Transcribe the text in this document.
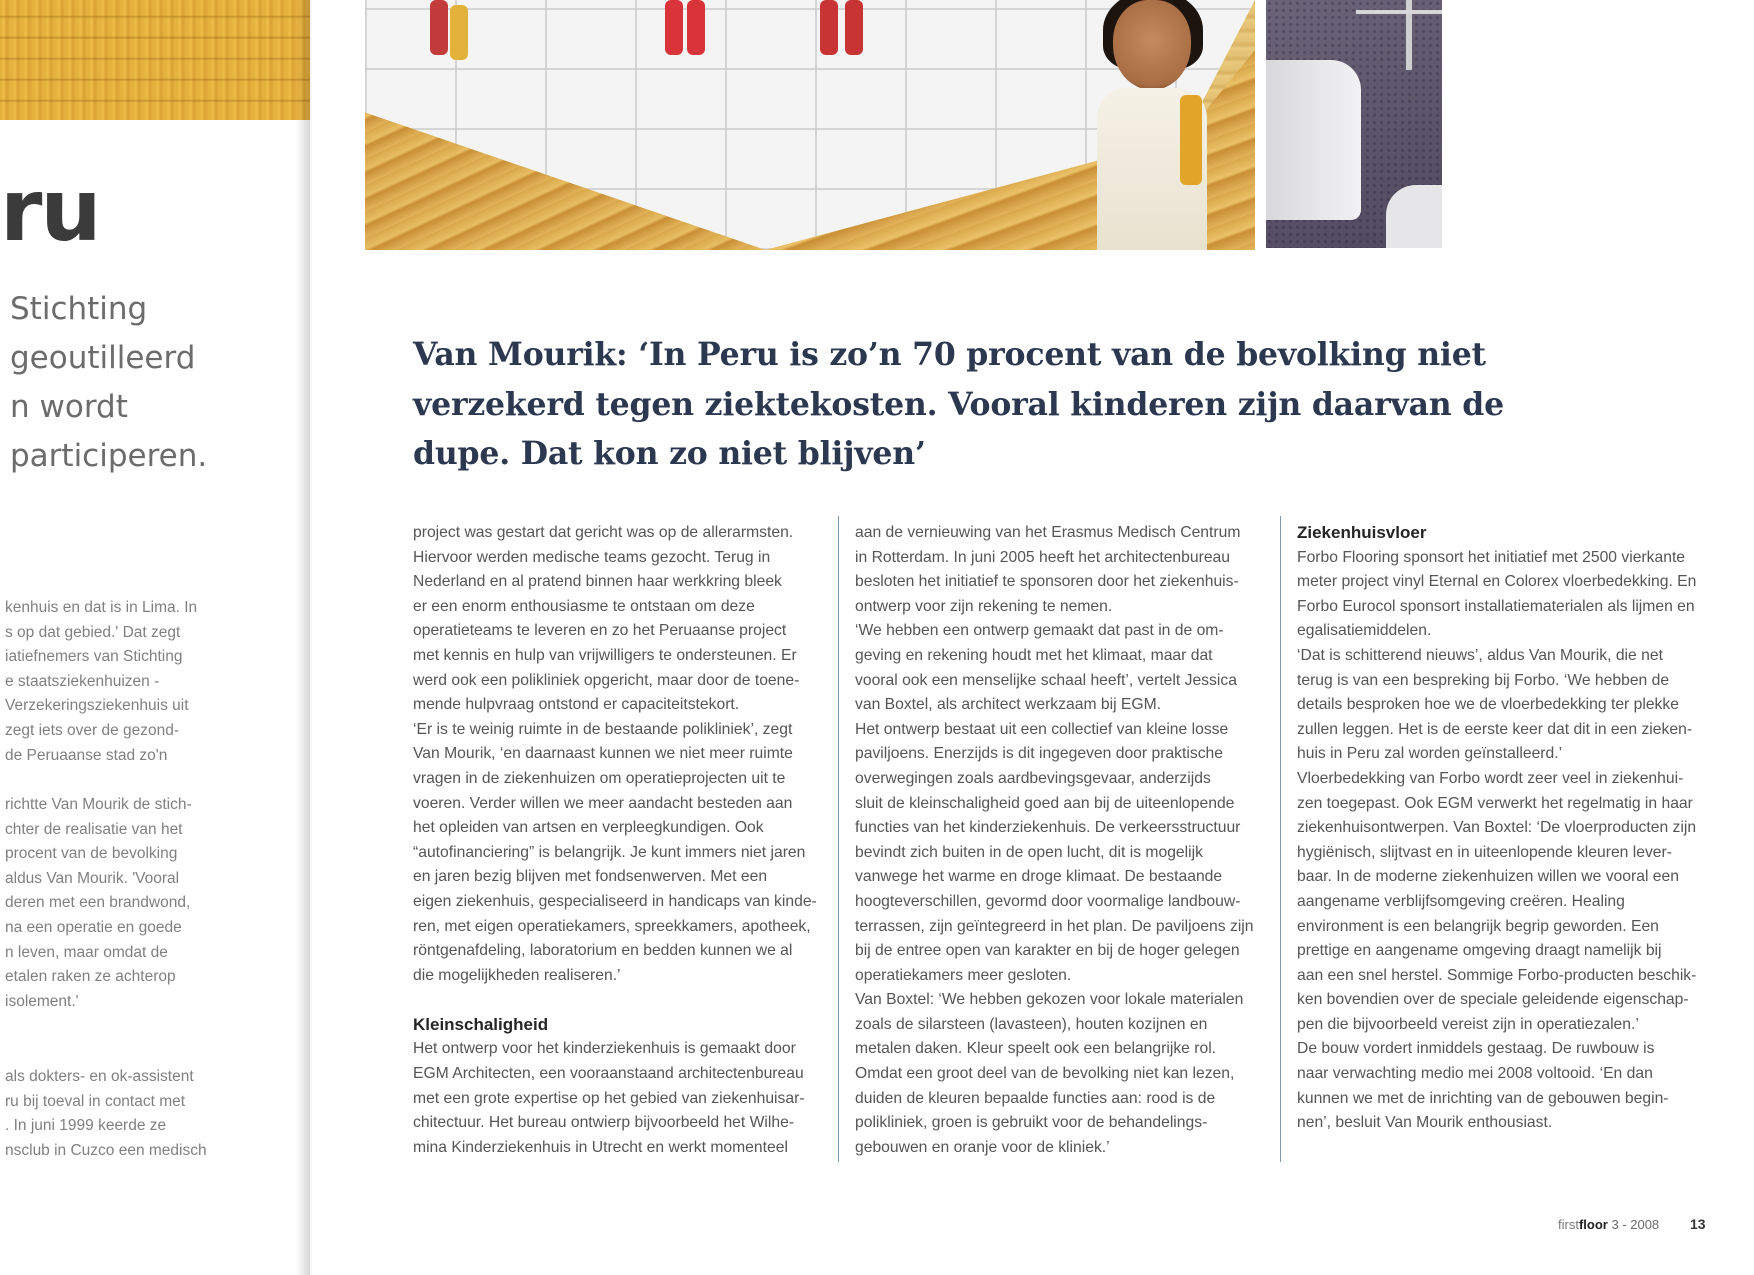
ru
Stichting
geoutilleerd
n wordt
participeren.
kenhuis en dat is in Lima. In
s op dat gebied.' Dat zegt
iatiefnemers van Stichting
e staatsziekenhuizen -
Verzekeringsziekenhuis uit
zegt iets over de gezond-
de Peruaanse stad zo'n
richtte Van Mourik de stich-
chter de realisatie van het
procent van de bevolking
aldus Van Mourik. 'Vooral
deren met een brandwond,
na een operatie en goede
n leven, maar omdat de
etalen raken ze achterop
isolement.'
als dokters- en ok-assistent
ru bij toeval in contact met
. In juni 1999 keerde ze
nsclub in Cuzco een medisch
Van Mourik: ‘In Peru is zo’n 70 procent van de bevolking niet
verzekerd tegen ziektekosten. Vooral kinderen zijn daarvan de
dupe. Dat kon zo niet blijven’
project was gestart dat gericht was op de allerarmsten.
Hiervoor werden medische teams gezocht. Terug in
Nederland en al pratend binnen haar werkkring bleek
er een enorm enthousiasme te ontstaan om deze
operatieteams te leveren en zo het Peruaanse project
met kennis en hulp van vrijwilligers te ondersteunen. Er
werd ook een polikliniek opgericht, maar door de toene-
mende hulpvraag ontstond er capaciteitstekort.
‘Er is te weinig ruimte in de bestaande polikliniek’, zegt
Van Mourik, ‘en daarnaast kunnen we niet meer ruimte
vragen in de ziekenhuizen om operatieprojecten uit te
voeren. Verder willen we meer aandacht besteden aan
het opleiden van artsen en verpleegkundigen. Ook
“autofinanciering” is belangrijk. Je kunt immers niet jaren
en jaren bezig blijven met fondsenwerven. Met een
eigen ziekenhuis, gespecialiseerd in handicaps van kinde-
ren, met eigen operatiekamers, spreekkamers, apotheek,
röntgenafdeling, laboratorium en bedden kunnen we al
die mogelijkheden realiseren.’
Kleinschaligheid
Het ontwerp voor het kinderziekenhuis is gemaakt door
EGM Architecten, een vooraanstaand architectenbureau
met een grote expertise op het gebied van ziekenhuisar-
chitectuur. Het bureau ontwierp bijvoorbeeld het Wilhe-
mina Kinderziekenhuis in Utrecht en werkt momenteel
aan de vernieuwing van het Erasmus Medisch Centrum
in Rotterdam. In juni 2005 heeft het architectenbureau
besloten het initiatief te sponsoren door het ziekenhuis-
ontwerp voor zijn rekening te nemen.
‘We hebben een ontwerp gemaakt dat past in de om-
geving en rekening houdt met het klimaat, maar dat
vooral ook een menselijke schaal heeft’, vertelt Jessica
van Boxtel, als architect werkzaam bij EGM.
Het ontwerp bestaat uit een collectief van kleine losse
paviljoens. Enerzijds is dit ingegeven door praktische
overwegingen zoals aardbevingsgevaar, anderzijds
sluit de kleinschaligheid goed aan bij de uiteenlopende
functies van het kinderziekenhuis. De verkeersstructuur
bevindt zich buiten in de open lucht, dit is mogelijk
vanwege het warme en droge klimaat. De bestaande
hoogteverschillen, gevormd door voormalige landbouw-
terrassen, zijn geïntegreerd in het plan. De paviljoens zijn
bij de entree open van karakter en bij de hoger gelegen
operatiekamers meer gesloten.
Van Boxtel: ‘We hebben gekozen voor lokale materialen
zoals de silarsteen (lavasteen), houten kozijnen en
metalen daken. Kleur speelt ook een belangrijke rol.
Omdat een groot deel van de bevolking niet kan lezen,
duiden de kleuren bepaalde functies aan: rood is de
polikliniek, groen is gebruikt voor de behandelings-
gebouwen en oranje voor de kliniek.’
Ziekenhuisvloer
Forbo Flooring sponsort het initiatief met 2500 vierkante
meter project vinyl Eternal en Colorex vloerbedekking. En
Forbo Eurocol sponsort installatiematerialen als lijmen en
egalisatiemiddelen.
‘Dat is schitterend nieuws’, aldus Van Mourik, die net
terug is van een bespreking bij Forbo. ‘We hebben de
details besproken hoe we de vloerbedekking ter plekke
zullen leggen. Het is de eerste keer dat dit in een zieken-
huis in Peru zal worden geïnstalleerd.’
Vloerbedekking van Forbo wordt zeer veel in ziekenhui-
zen toegepast. Ook EGM verwerkt het regelmatig in haar
ziekenhuisontwerpen. Van Boxtel: ‘De vloerproducten zijn
hygiënisch, slijtvast en in uiteenlopende kleuren lever-
baar. In de moderne ziekenhuizen willen we vooral een
aangename verblijfsomgeving creëren. Healing
environment is een belangrijk begrip geworden. Een
prettige en aangename omgeving draagt namelijk bij
aan een snel herstel. Sommige Forbo-producten beschik-
ken bovendien over de speciale geleidende eigenschap-
pen die bijvoorbeeld vereist zijn in operatiezalen.’
De bouw vordert inmiddels gestaag. De ruwbouw is
naar verwachting medio mei 2008 voltooid. ‘En dan
kunnen we met de inrichting van de gebouwen begin-
nen’, besluit Van Mourik enthousiast.
firstfloor 3 - 2008 13
